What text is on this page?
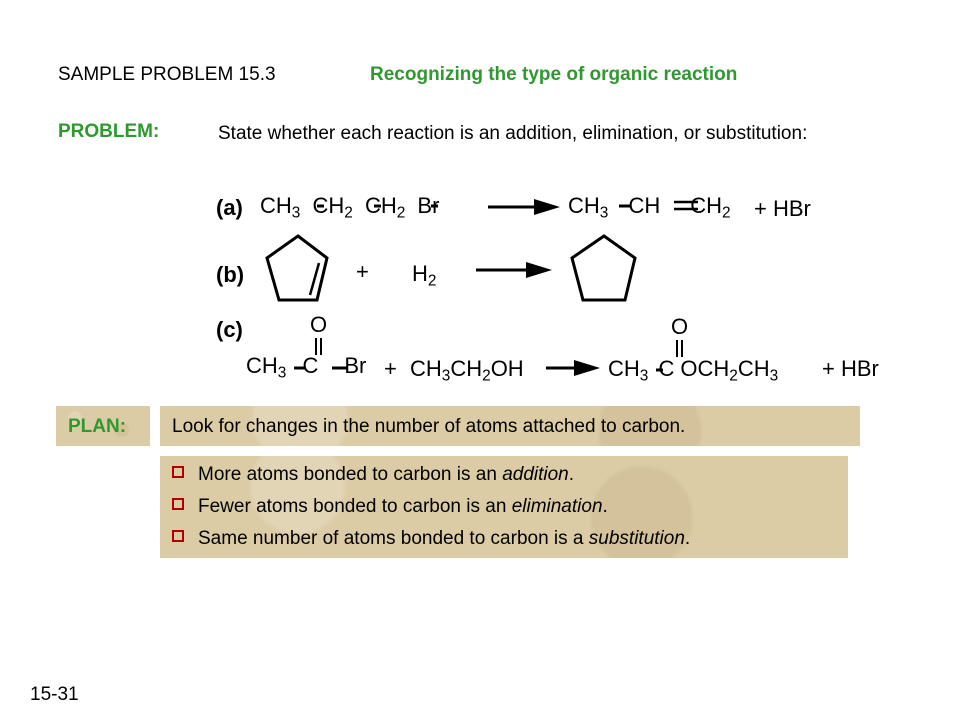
SAMPLE PROBLEM 15.3	Recognizing the type of organic reaction
PROBLEM:	State whether each reaction is an addition, elimination, or substitution:
(a) $CH_3$ $CH_2$ $CH_2$ Br	$CH_3$ CH $CH_2$ + HBr
(b)	+ $H_2$
(c)	O
$CH_3$ C $Br + CH_3CH_2OH$
O
$CH_3$ C $OCH_2CH_3$ + HBr
PLAN: Look for changes in the number of atoms attached to carbon.
More atoms bonded to carbon is an addition.
Fewer atoms bonded to carbon is an elimination.
Same number of atoms bonded to carbon is a substitution.
15-31
